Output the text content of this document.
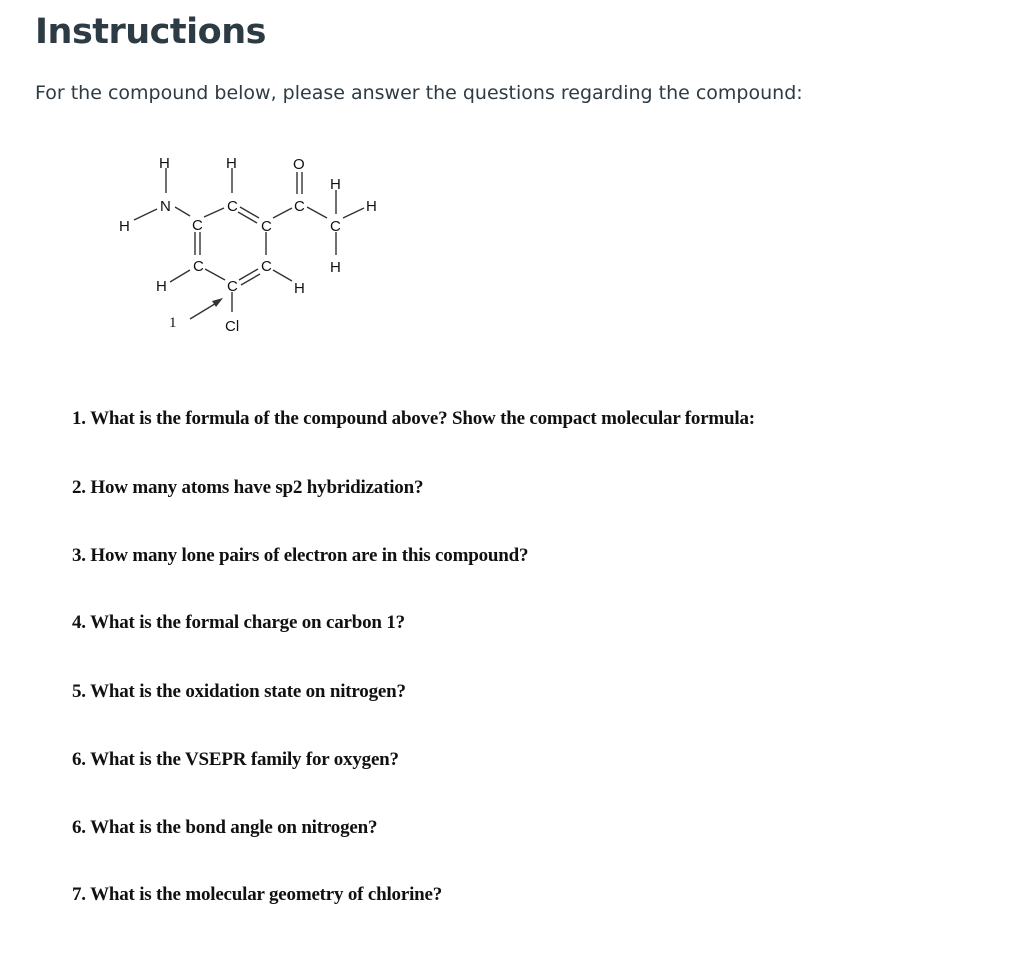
Instructions

For the compound below, please answer the questions regarding the compound:

H
N
H	C
H
C
C
C
O
C
H
H
H
C
H
C
H
C
Cl
1

1. What is the formula of the compound above? Show the compact molecular formula:

2. How many atoms have sp2 hybridization?

3. How many lone pairs of electron are in this compound?

4. What is the formal charge on carbon 1?

5. What is the oxidation state on nitrogen?

6. What is the VSEPR family for oxygen?

6. What is the bond angle on nitrogen?

7. What is the molecular geometry of chlorine?
